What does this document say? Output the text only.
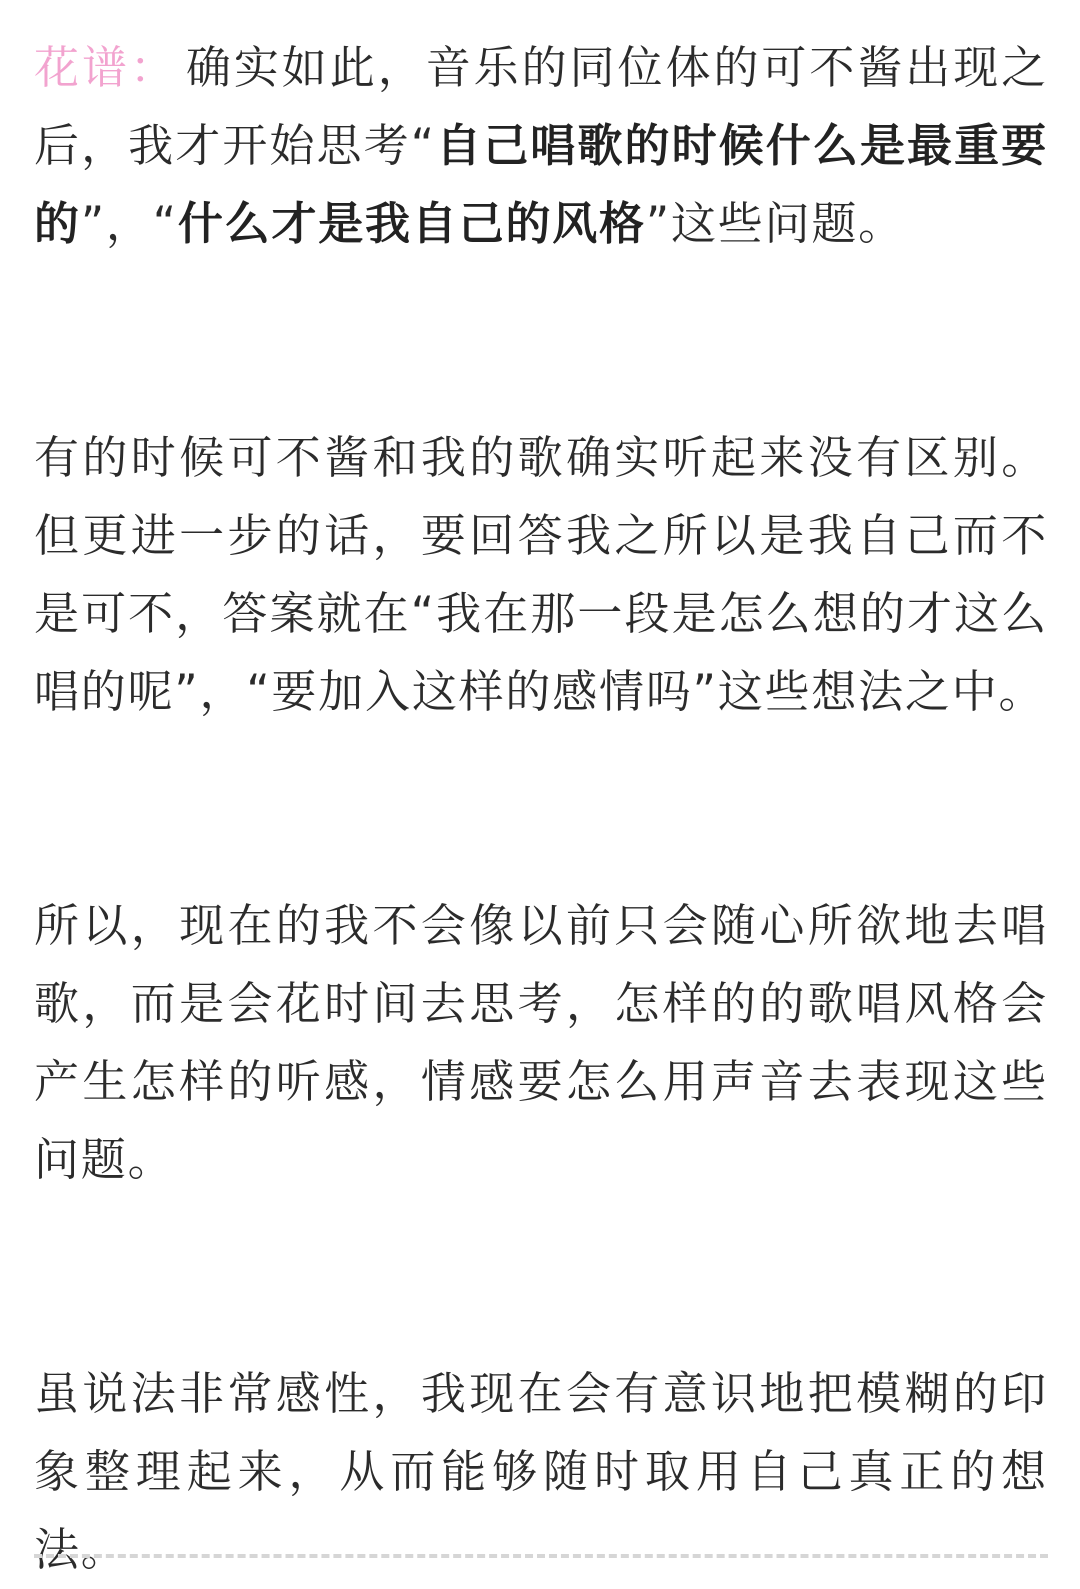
花谱： 确实如此，音乐的同位体的可不酱出现之后，我才开始思考“自己唱歌的时候什么是最重要的”，“什么才是我自己的风格”这些问题。

有的时候可不酱和我的歌确实听起来没有区别。但更进一步的话，要回答我之所以是我自己而不是可不，答案就在“我在那一段是怎么想的才这么唱的呢”，“要加入这样的感情吗”这些想法之中。

所以，现在的我不会像以前只会随心所欲地去唱歌，而是会花时间去思考，怎样的的歌唱风格会产生怎样的听感，情感要怎么用声音去表现这些问题。

虽说法非常感性，我现在会有意识地把模糊的印象整理起来，从而能够随时取用自己真正的想法。
